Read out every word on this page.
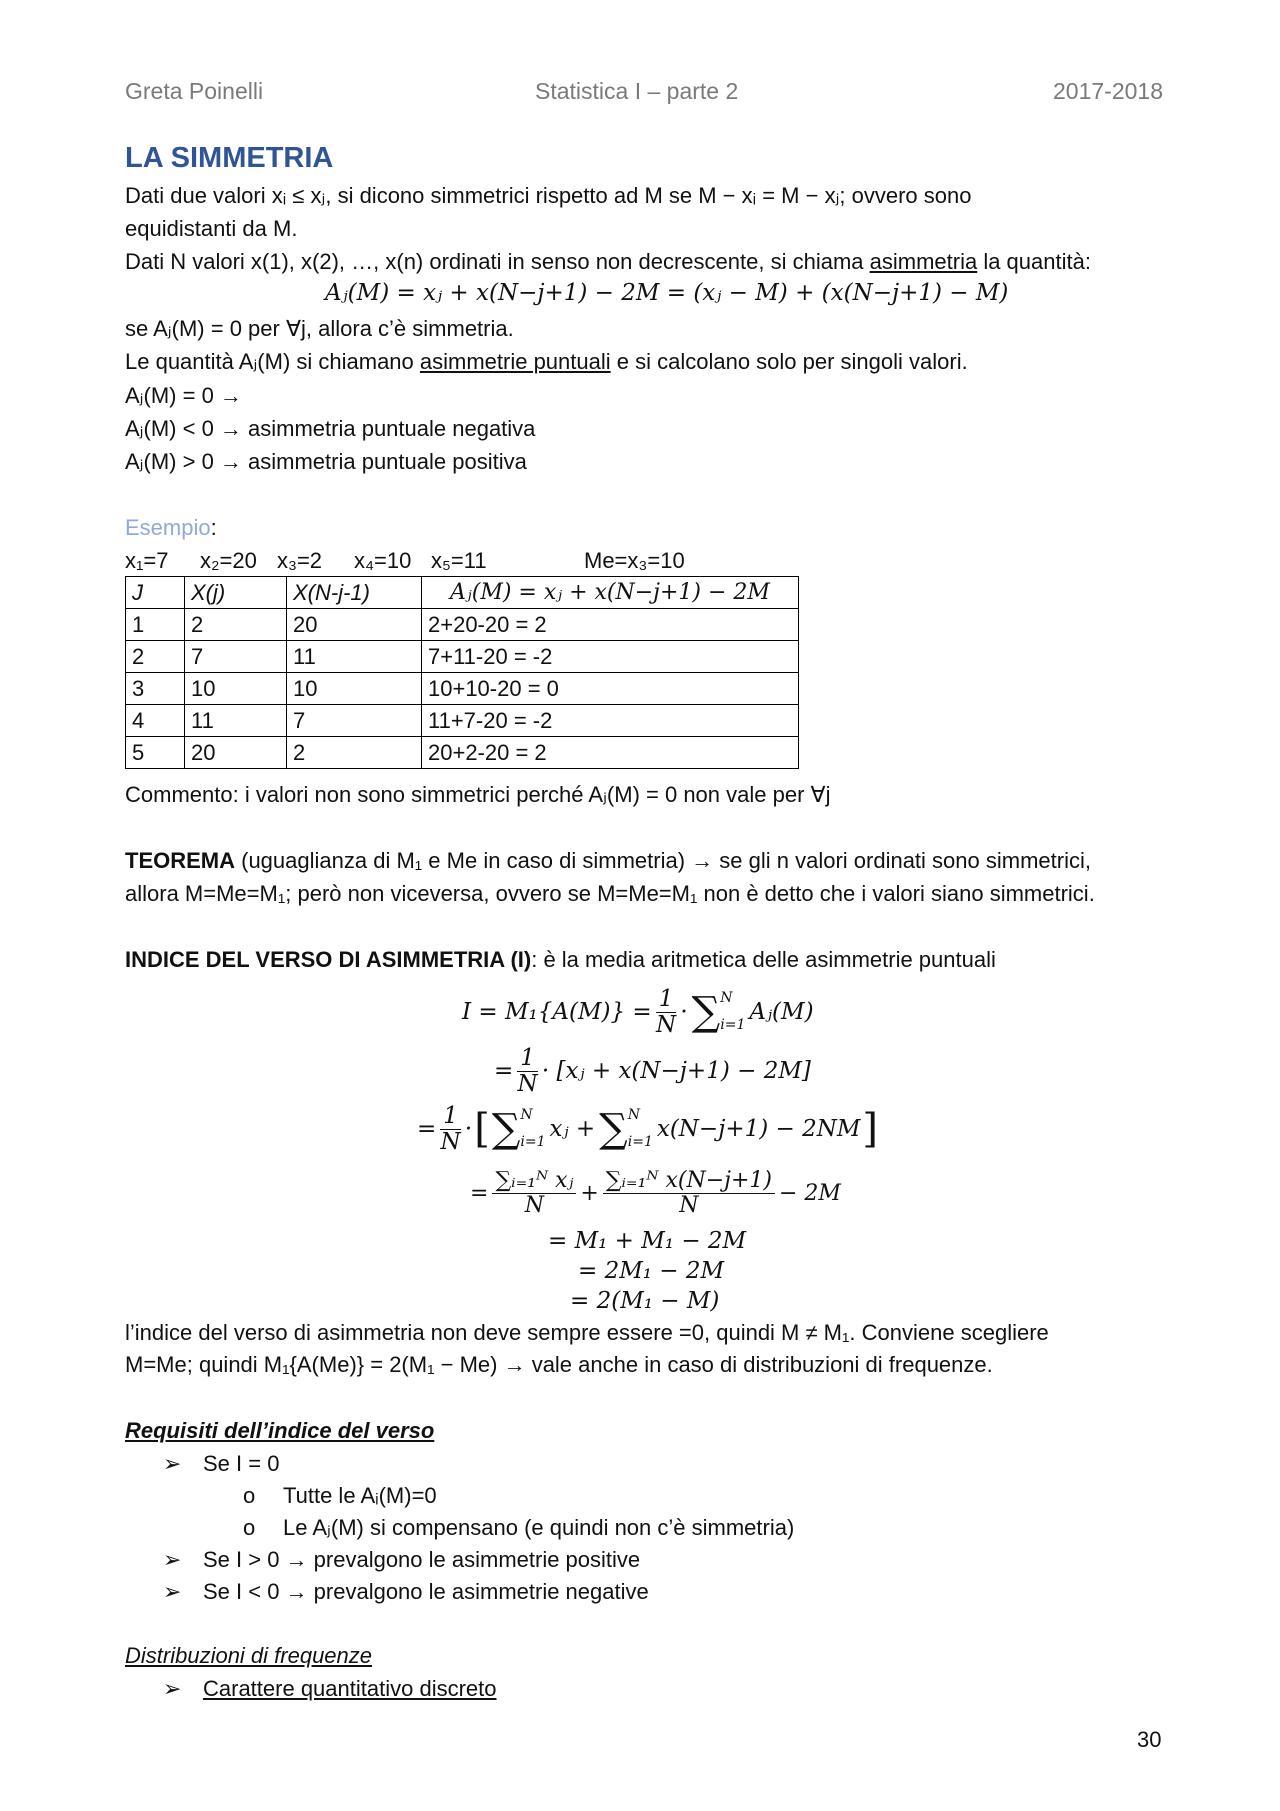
Greta Poinelli	Statistica I – parte 2	2017-2018
LA SIMMETRIA
Dati due valori xᵢ ≤ xⱼ, si dicono simmetrici rispetto ad M se M − xᵢ = M − xⱼ; ovvero sono
equidistanti da M.
Dati N valori x(1), x(2), …, x(n) ordinati in senso non decrescente, si chiama asimmetria la quantità:
Aⱼ(M) = xⱼ + x(N−j+1) − 2M = (xⱼ − M) + (x(N−j+1) − M)
se Aⱼ(M) = 0 per ∀j, allora c’è simmetria.
Le quantità Aⱼ(M) si chiamano asimmetrie puntuali e si calcolano solo per singoli valori.
Aⱼ(M) = 0 →
Aⱼ(M) < 0 → asimmetria puntuale negativa
Aⱼ(M) > 0 → asimmetria puntuale positiva
Esempio:
x₁=7 x₂=20 x₃=2 x₄=10 x₅=11	Me=x₃=10
J	X(j)	X(N-j-1)	Aⱼ(M) = xⱼ + x(N−j+1) − 2M
1	2	20	2+20-20 = 2
2	7	11	7+11-20 = -2
3	10	10	10+10-20 = 0
4	11	7	11+7-20 = -2
5	20	2	20+2-20 = 2
Commento: i valori non sono simmetrici perché Aⱼ(M) = 0 non vale per ∀j
TEOREMA (uguaglianza di M₁ e Me in caso di simmetria) → se gli n valori ordinati sono simmetrici,
allora M=Me=M₁; però non viceversa, ovvero se M=Me=M₁ non è detto che i valori siano simmetrici.
INDICE DEL VERSO DI ASIMMETRIA (I): è la media aritmetica delle asimmetrie puntuali
$I = M_1\{A(M)\} = \frac{1}{N}$ · ∑ N
i=1 Aⱼ(M)
= $\frac{1}{N}$ · [xⱼ + x(N−j+1) − 2M]
= $\frac{1}{N}$ · [ ∑ N
i=1 xⱼ + ∑ N
i=1 x(N−j+1) − 2NM ]
= $\frac{\text{∑ᵢ₌₁ᴺ xⱼ}}{N} + \frac{\text{∑ᵢ₌₁ᴺ x(N−j+1)}}{N} - 2M$
= M₁ + M₁ − 2M
= 2M₁ − 2M
= 2(M₁ − M)
l’indice del verso di asimmetria non deve sempre essere =0, quindi M ≠ M₁. Conviene scegliere
M=Me; quindi M₁{A(Me)} = 2(M₁ − Me) → vale anche in caso di distribuzioni di frequenze.
Requisiti dell’indice del verso
➢ Se I = 0
o Tutte le Aᵢ(M)=0
o Le Aⱼ(M) si compensano (e quindi non c’è simmetria)
➢ Se I > 0 → prevalgono le asimmetrie positive
➢ Se I < 0 → prevalgono le asimmetrie negative
Distribuzioni di frequenze
➢ Carattere quantitativo discreto
30
